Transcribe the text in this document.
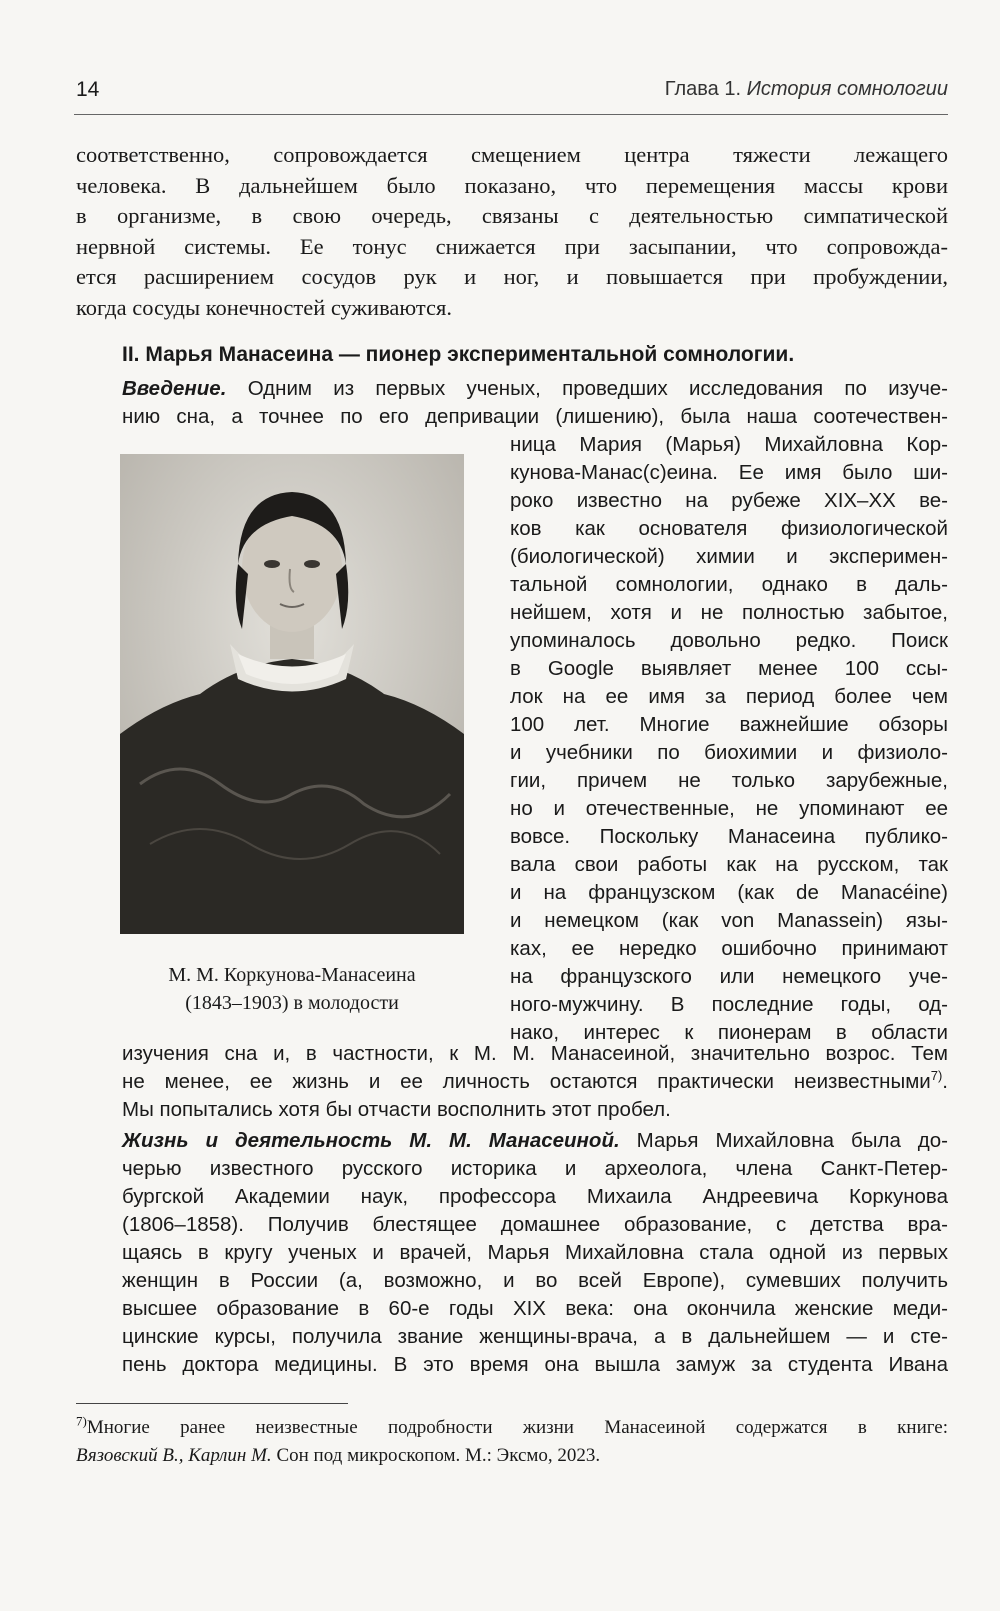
14	Глава 1. История сомнологии
соответственно, сопровождается смещением центра тяжести лежащего
человека. В дальнейшем было показано, что перемещения массы крови
в организме, в свою очередь, связаны с деятельностью симпатической
нервной системы. Ее тонус снижается при засыпании, что сопровожда-
ется расширением сосудов рук и ног, и повышается при пробуждении,
когда сосуды конечностей суживаются.
II. Марья Манасеина — пионер экспериментальной сомнологии.
Введение. Одним из первых ученых, проведших исследования по изуче-
нию сна, а точнее по его депривации (лишению), была наша соотечествен-
М. М. Коркунова-Манасеина
(1843–1903) в молодости
ница Мария (Марья) Михайловна Кор-
кунова-Манас(с)еина. Ее имя было ши-
роко известно на рубеже XIX–XX ве-
ков как основателя физиологической
(биологической) химии и эксперимен-
тальной сомнологии, однако в даль-
нейшем, хотя и не полностью забытое,
упоминалось довольно редко. Поиск
в Google выявляет менее 100 ссы-
лок на ее имя за период более чем
100 лет. Многие важнейшие обзоры
и учебники по биохимии и физиоло-
гии, причем не только зарубежные,
но и отечественные, не упоминают ее
вовсе. Поскольку Манасеина публико-
вала свои работы как на русском, так
и на французском (как de Manacéine)
и немецком (как von Manassein) язы-
ках, ее нередко ошибочно принимают
на французского или немецкого уче-
ного-мужчину. В последние годы, од-
нако, интерес к пионерам в области
изучения сна и, в частности, к М. М. Манасеиной, значительно возрос. Тем
не менее, ее жизнь и ее личность остаются практически неизвестными$^{7)}$.
Мы попытались хотя бы отчасти восполнить этот пробел.
Жизнь и деятельность М. М. Манасеиной. Марья Михайловна была до-
черью известного русского историка и археолога, члена Санкт-Петер-
бургской Академии наук, профессора Михаила Андреевича Коркунова
(1806–1858). Получив блестящее домашнее образование, с детства вра-
щаясь в кругу ученых и врачей, Марья Михайловна стала одной из первых
женщин в России (а, возможно, и во всей Европе), сумевших получить
высшее образование в 60-е годы XIX века: она окончила женские меди-
цинские курсы, получила звание женщины-врача, а в дальнейшем — и сте-
пень доктора медицины. В это время она вышла замуж за студента Ивана
$^{7)}$Многие ранее неизвестные подробности жизни Манасеиной содержатся в книге:
Вязовский В., Карлин М. Сон под микроскопом. М.: Эксмо, 2023.
